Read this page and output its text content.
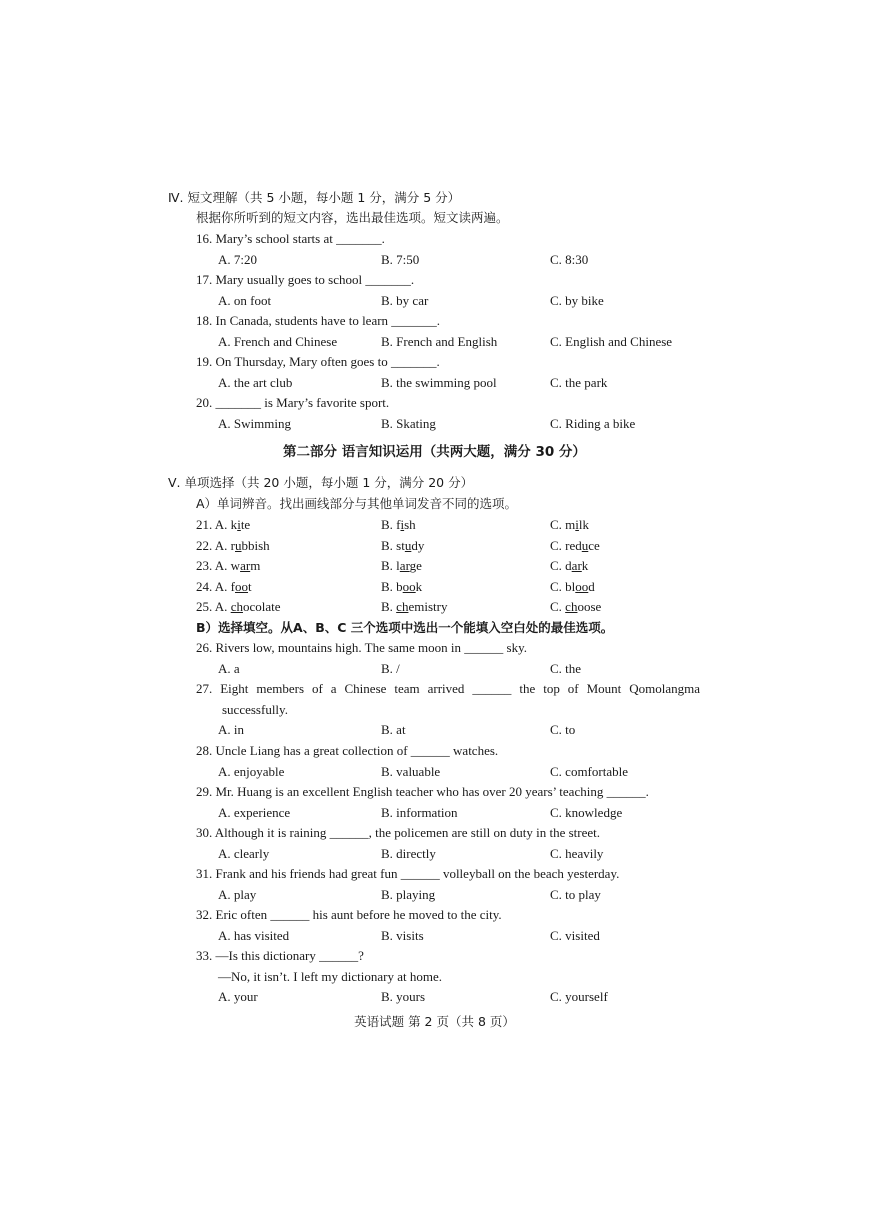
Ⅳ. 短文理解（共 5 小题，每小题 1 分，满分 5 分）
根据你所听到的短文内容，选出最佳选项。短文读两遍。
16. Mary’s school starts at _______.
A. 7:20	B. 7:50	C. 8:30
17. Mary usually goes to school _______.
A. on foot	B. by car	C. by bike
18. In Canada, students have to learn _______.
A. French and Chinese	B. French and English	C. English and Chinese
19. On Thursday, Mary often goes to _______.
A. the art club	B. the swimming pool	C. the park
20. _______ is Mary’s favorite sport.
A. Swimming	B. Skating	C. Riding a bike
第二部分 语言知识运用（共两大题，满分 30 分）
Ⅴ. 单项选择（共 20 小题，每小题 1 分，满分 20 分）
A）单词辨音。找出画线部分与其他单词发音不同的选项。
21. A. kite	B. fish	C. milk
22. A. rubbish	B. study	C. reduce
23. A. warm	B. large	C. dark
24. A. foot	B. book	C. blood
25. A. chocolate	B. chemistry	C. choose
B）选择填空。从A、B、C 三个选项中选出一个能填入空白处的最佳选项。
26. Rivers low, mountains high. The same moon in ______ sky.
A. a	B. /	C. the
27. Eight members of a Chinese team arrived ______ the top of Mount Qomolangma
successfully.
A. in	B. at	C. to
28. Uncle Liang has a great collection of ______ watches.
A. enjoyable	B. valuable	C. comfortable
29. Mr. Huang is an excellent English teacher who has over 20 years’ teaching ______.
A. experience	B. information	C. knowledge
30. Although it is raining ______, the policemen are still on duty in the street.
A. clearly	B. directly	C. heavily
31. Frank and his friends had great fun ______ volleyball on the beach yesterday.
A. play	B. playing	C. to play
32. Eric often ______ his aunt before he moved to the city.
A. has visited	B. visits	C. visited
33. —Is this dictionary ______?
—No, it isn’t. I left my dictionary at home.
A. your	B. yours	C. yourself
英语试题 第 2 页（共 8 页）
